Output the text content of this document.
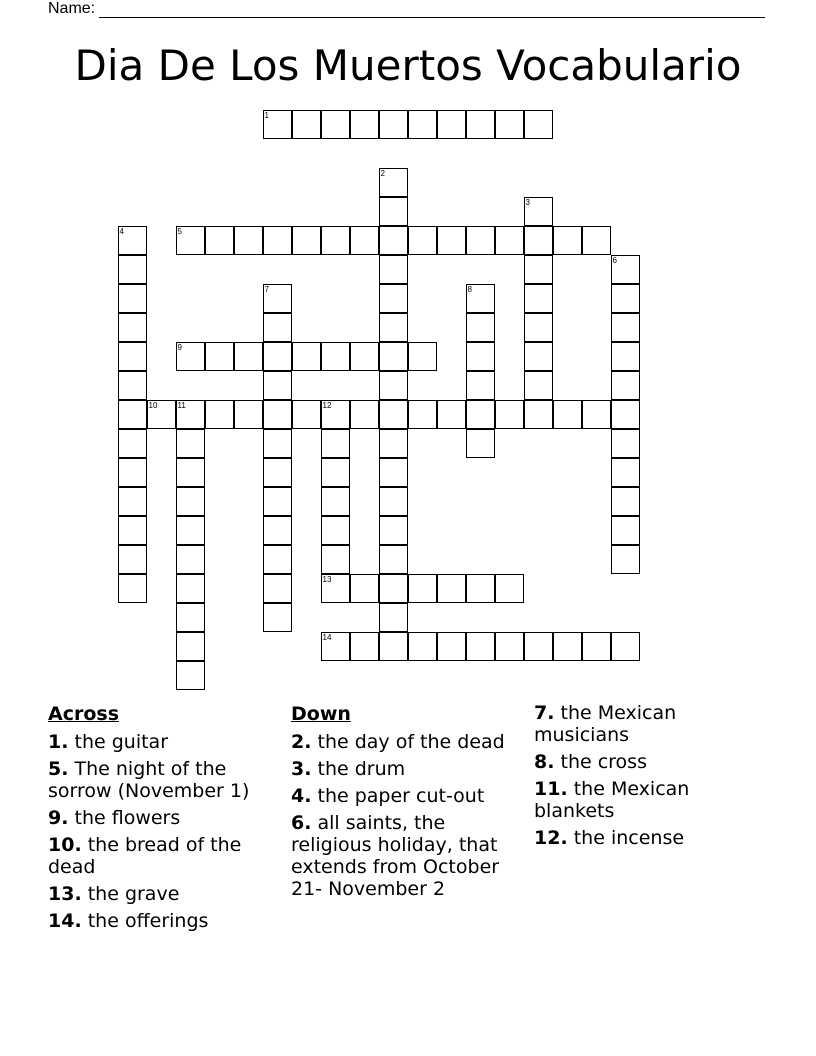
Name:
Dia De Los Muertos Vocabulario
1
5
9
10	11	12
13
14
2
3
4
6
7	8
Across
1. the guitar
5. The night of the sorrow (November 1)
9. the flowers
10. the bread of the dead
13. the grave
14. the offerings
Down
2. the day of the dead
3. the drum
4. the paper cut-out
6. all saints, the religious holiday, that extends from October 21- November 2
7. the Mexican musicians
8. the cross
11. the Mexican blankets
12. the incense
